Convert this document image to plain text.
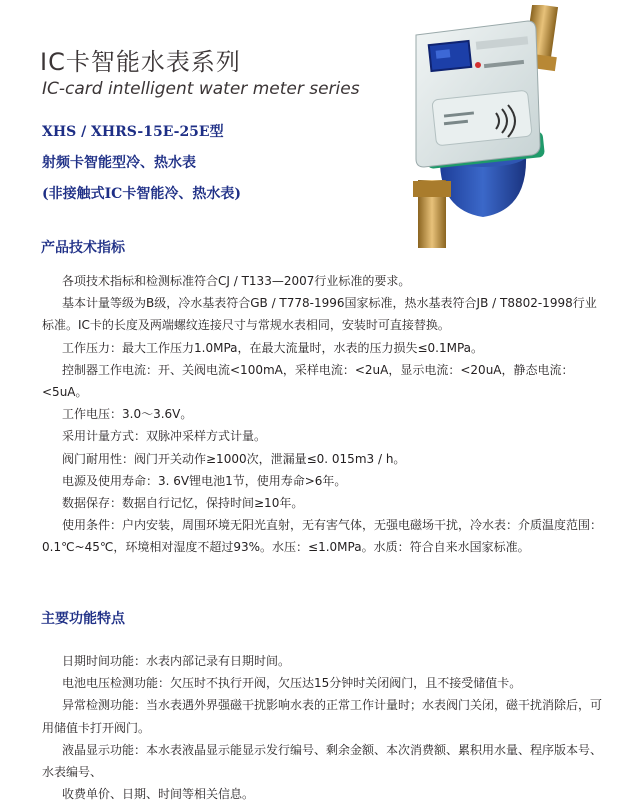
IC卡智能水表系列
IC-card intelligent water meter series
XHS / XHRS-15E-25E型
射频卡智能型冷、热水表
(非接触式IC卡智能冷、热水表)
产品技术指标

各项技术指标和检测标准符合CJ / T133—2007行业标准的要求。

基本计量等级为B级，冷水基表符合GB / T778-1996国家标准，热水基表符合JB / T8802-1998行业标准。IC卡的长度及两端螺纹连接尺寸与常规水表相同，安装时可直接替换。

工作压力：最大工作压力1.0MPa，在最大流量时，水表的压力损失≤0.1MPa。

控制器工作电流：开、关阀电流<100mA，采样电流：<2uA，显示电流：<20uA，静态电流：<5uA。

工作电压：3.0～3.6V。

采用计量方式：双脉冲采样方式计量。

阀门耐用性：阀门开关动作≥1000次，泄漏量≤0. 015m3 / h。

电源及使用寿命：3. 6V锂电池1节，使用寿命>6年。

数据保存：数据自行记忆，保持时间≥10年。

使用条件：户内安装，周围环境无阳光直射，无有害气体，无强电磁场干扰，冷水表：介质温度范围：0.1℃~45℃，环境相对湿度不超过93%。水压：≤1.0MPa。水质：符合自来水国家标准。

主要功能特点

日期时间功能：水表内部记录有日期时间。

电池电压检测功能：欠压时不执行开阀，欠压达15分钟时关闭阀门，且不接受储值卡。

异常检测功能：当水表遇外界强磁干扰影响水表的正常工作计量时；水表阀门关闭，磁干扰消除后，可用储值卡打开阀门。

液晶显示功能：本水表液晶显示能显示发行编号、剩余金额、本次消费额、累积用水量、程序版本号、水表编号、

收费单价、日期、时间等相关信息。
